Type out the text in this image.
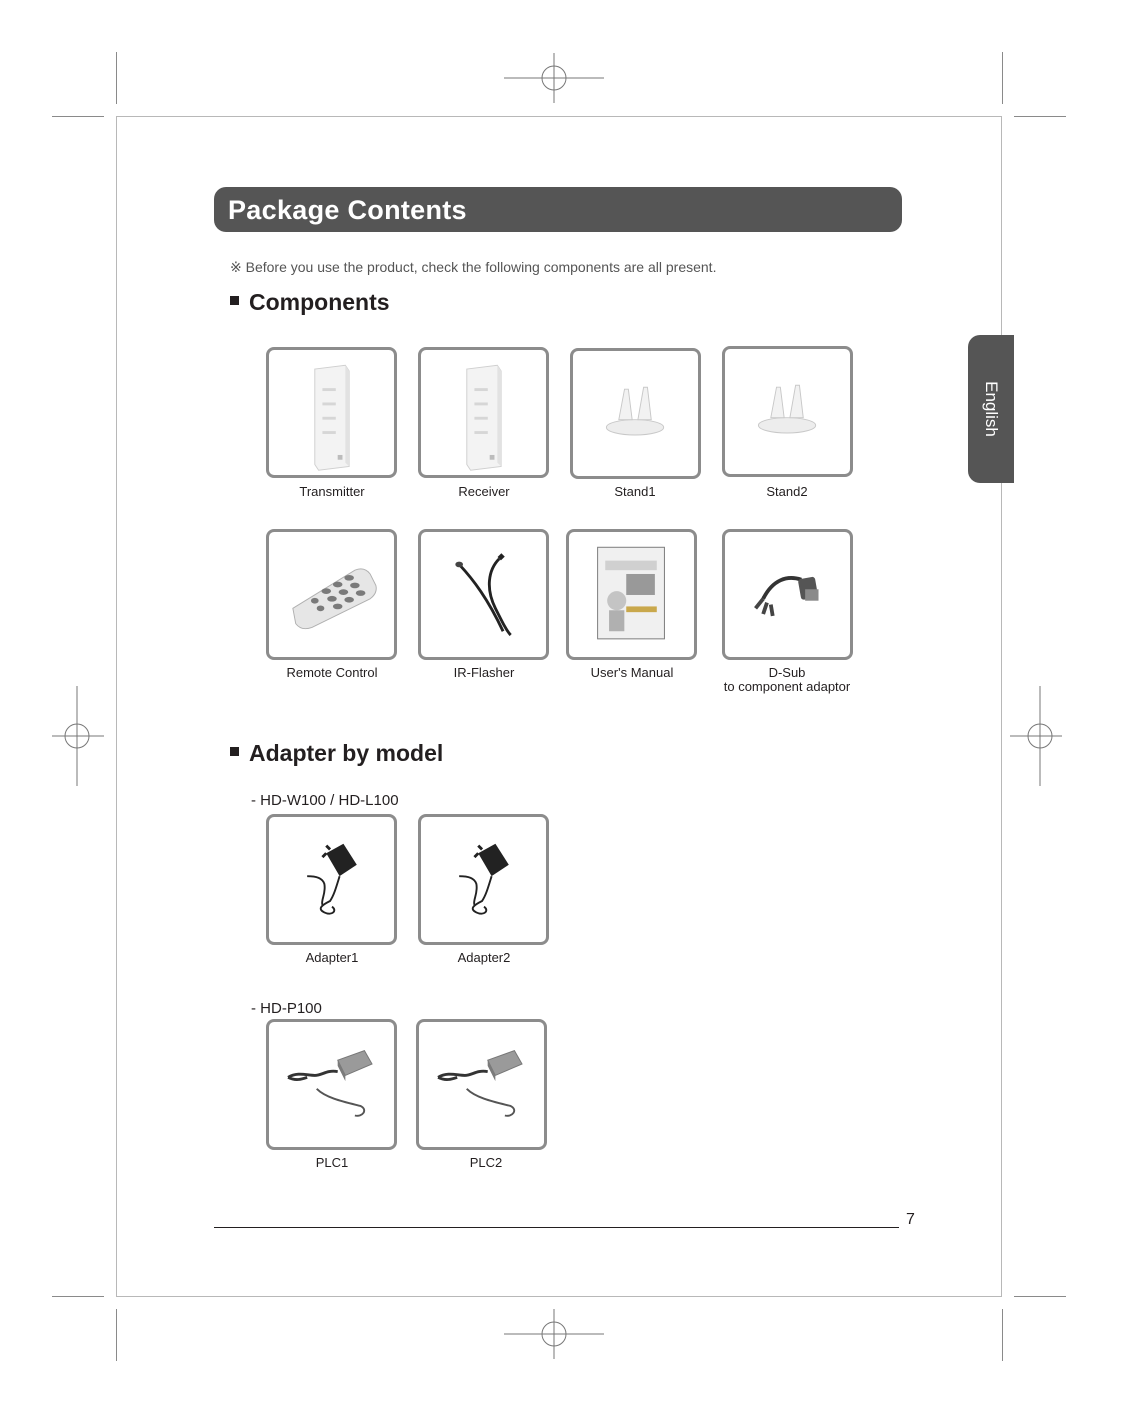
Package Contents
※ Before you use the product, check the following components are all present.
English
Components
Transmitter	Receiver	Stand1	Stand2
Remote Control	IR-Flasher	User's Manual	D-Sub
to component adaptor
Adapter by model
- HD-W100 / HD-L100
Adapter1	Adapter2
- HD-P100
PLC1	PLC2
7
